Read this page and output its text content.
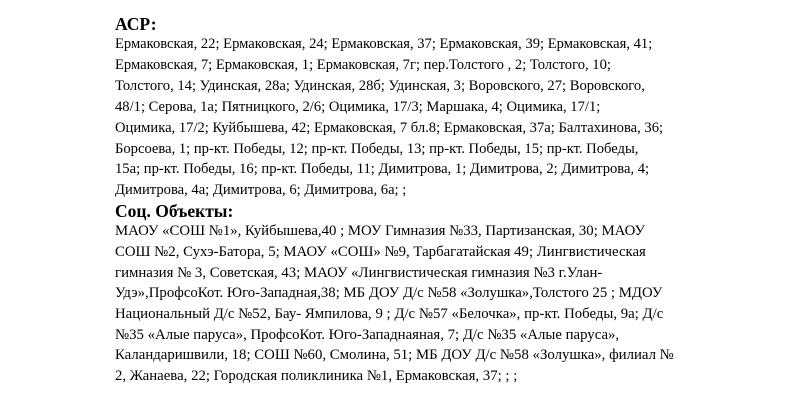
АСР:

Ермаковская, 22; Ермаковская, 24; Ермаковская, 37; Ермаковская, 39; Ермаковская, 41;
Ермаковская, 7; Ермаковская, 1; Ермаковская, 7г; пер.Толстого , 2; Толстого, 10;
Толстого, 14; Удинская, 28а; Удинская, 28б; Удинская, 3; Воровского, 27; Воровского,
48/1; Серова, 1а; Пятницкого, 2/6; Оцимика, 17/3; Маршака, 4; Оцимика, 17/1;
Оцимика, 17/2; Куйбышева, 42; Ермаковская, 7 бл.8; Ермаковская, 37а; Балтахинова, 36;
Борсоева, 1; пр-кт. Победы, 12; пр-кт. Победы, 13; пр-кт. Победы, 15; пр-кт. Победы,
15а; пр-кт. Победы, 16; пр-кт. Победы, 11; Димитрова, 1; Димитрова, 2; Димитрова, 4;
Димитрова, 4а; Димитрова, 6; Димитрова, 6а; ;

Соц. Объекты:

МАОУ «СОШ №1», Куйбышева,40 ; МОУ Гимназия №33, Партизанская, 30; МАОУ
СОШ №2, Сухэ-Батора, 5; МАОУ «СОШ» №9, Тарбагатайская 49; Лингвистическая
гимназия № 3, Советская, 43; МАОУ «Лингвистическая гимназия №3 г.Улан-
Удэ»,ПрофсоКот. Юго-Западная,38; МБ ДОУ Д/с №58 «Золушка»,Толстого 25 ; МДОУ
Национальный Д/с №52, Бау- Ямпилова, 9 ; Д/с №57 «Белочка», пр-кт. Победы, 9а; Д/с
№35 «Алые паруса», ПрофсоКот. Юго-Западнаяная, 7; Д/с №35 «Алые паруса»,
Каландаришвили, 18; СОШ №60, Смолина, 51; МБ ДОУ Д/с №58 «Золушка», филиал №
2, Жанаева, 22; Городская поликлиника №1, Ермаковская, 37; ; ;
